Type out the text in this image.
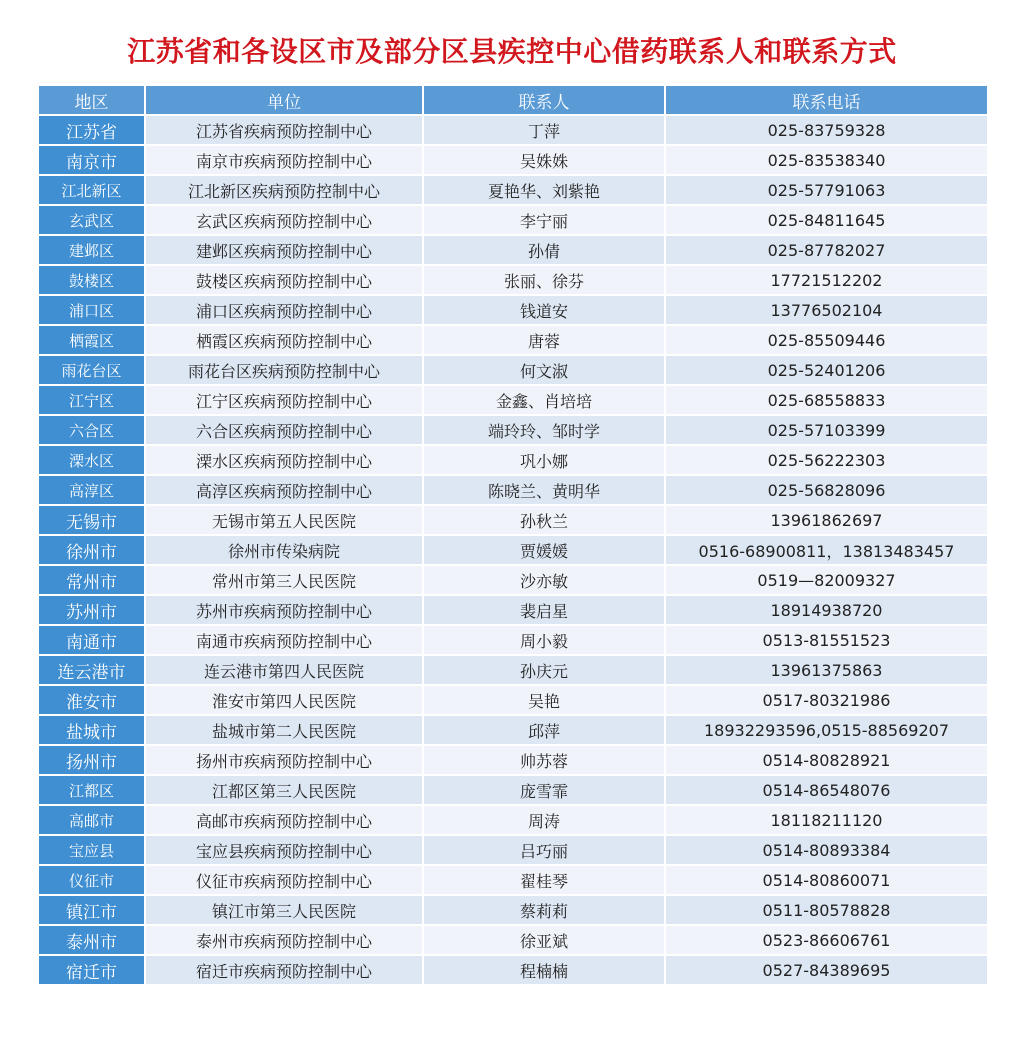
江苏省和各设区市及部分区县疾控中心借药联系人和联系方式
地区	单位	联系人	联系电话
江苏省	江苏省疾病预防控制中心	丁萍	025-83759328
南京市	南京市疾病预防控制中心	吴姝姝	025-83538340
江北新区	江北新区疾病预防控制中心	夏艳华、刘紫艳	025-57791063
玄武区	玄武区疾病预防控制中心	李宁丽	025-84811645
建邺区	建邺区疾病预防控制中心	孙倩	025-87782027
鼓楼区	鼓楼区疾病预防控制中心	张丽、徐芬	17721512202
浦口区	浦口区疾病预防控制中心	钱道安	13776502104
栖霞区	栖霞区疾病预防控制中心	唐蓉	025-85509446
雨花台区	雨花台区疾病预防控制中心	何文淑	025-52401206
江宁区	江宁区疾病预防控制中心	金鑫、肖培培	025-68558833
六合区	六合区疾病预防控制中心	端玲玲、邹时学	025-57103399
溧水区	溧水区疾病预防控制中心	巩小娜	025-56222303
高淳区	高淳区疾病预防控制中心	陈晓兰、黄明华	025-56828096
无锡市	无锡市第五人民医院	孙秋兰	13961862697
徐州市	徐州市传染病院	贾媛媛	0516-68900811，13813483457
常州市	常州市第三人民医院	沙亦敏	0519—82009327
苏州市	苏州市疾病预防控制中心	裴启星	18914938720
南通市	南通市疾病预防控制中心	周小毅	0513-81551523
连云港市	连云港市第四人民医院	孙庆元	13961375863
淮安市	淮安市第四人民医院	吴艳	0517-80321986
盐城市	盐城市第二人民医院	邱萍	18932293596,0515-88569207
扬州市	扬州市疾病预防控制中心	帅苏蓉	0514-80828921
江都区	江都区第三人民医院	庞雪霏	0514-86548076
高邮市	高邮市疾病预防控制中心	周涛	18118211120
宝应县	宝应县疾病预防控制中心	吕巧丽	0514-80893384
仪征市	仪征市疾病预防控制中心	翟桂琴	0514-80860071
镇江市	镇江市第三人民医院	蔡莉莉	0511-80578828
泰州市	泰州市疾病预防控制中心	徐亚斌	0523-86606761
宿迁市	宿迁市疾病预防控制中心	程楠楠	0527-84389695
